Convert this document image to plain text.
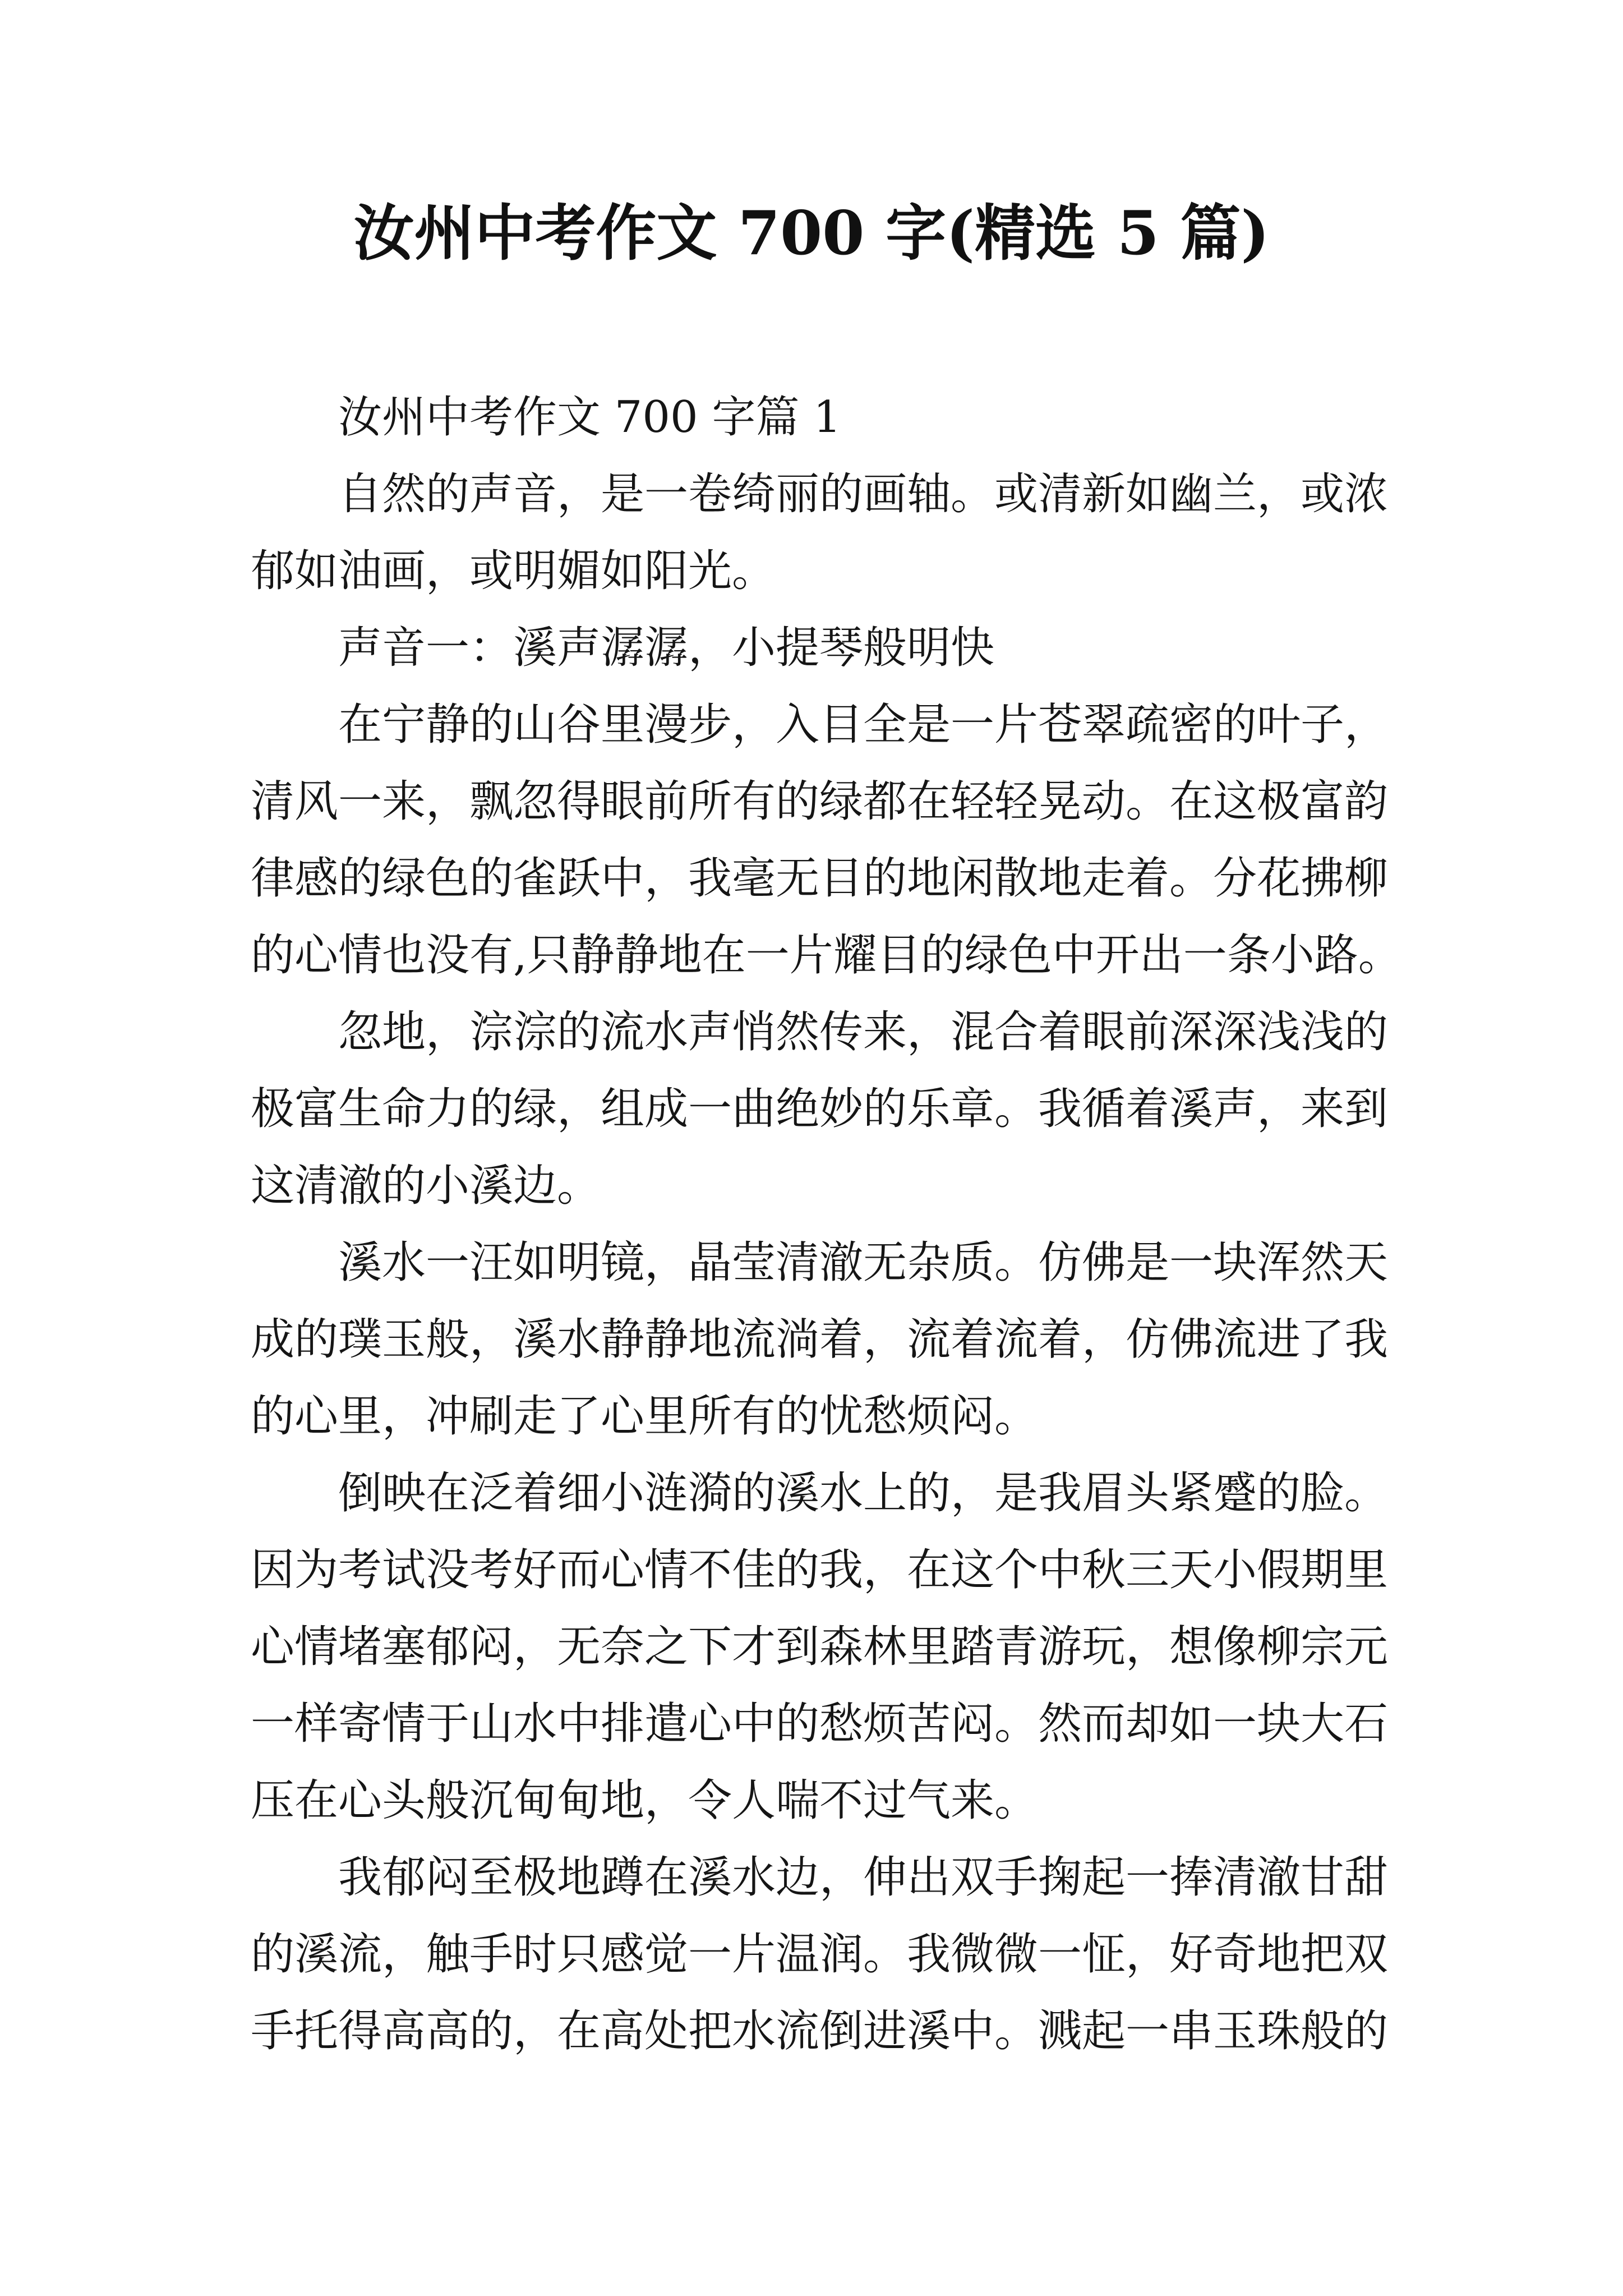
汝州中考作文 700 字(精选 5 篇)
汝州中考作文 700 字篇 1
自然的声音，是一卷绮丽的画轴。或清新如幽兰，或浓
郁如油画，或明媚如阳光。
声音一：溪声潺潺，小提琴般明快
在宁静的山谷里漫步，入目全是一片苍翠疏密的叶子，
清风一来，飘忽得眼前所有的绿都在轻轻晃动。在这极富韵
律感的绿色的雀跃中，我毫无目的地闲散地走着。分花拂柳
的心情也没有,只静静地在一片耀目的绿色中开出一条小路。
忽地，淙淙的流水声悄然传来，混合着眼前深深浅浅的
极富生命力的绿，组成一曲绝妙的乐章。我循着溪声，来到
这清澈的小溪边。
溪水一汪如明镜，晶莹清澈无杂质。仿佛是一块浑然天
成的璞玉般，溪水静静地流淌着，流着流着，仿佛流进了我
的心里，冲刷走了心里所有的忧愁烦闷。
倒映在泛着细小涟漪的溪水上的，是我眉头紧蹙的脸。
因为考试没考好而心情不佳的我，在这个中秋三天小假期里
心情堵塞郁闷，无奈之下才到森林里踏青游玩，想像柳宗元
一样寄情于山水中排遣心中的愁烦苦闷。然而却如一块大石
压在心头般沉甸甸地，令人喘不过气来。
我郁闷至极地蹲在溪水边，伸出双手掬起一捧清澈甘甜
的溪流，触手时只感觉一片温润。我微微一怔，好奇地把双
手托得高高的，在高处把水流倒进溪中。溅起一串玉珠般的
